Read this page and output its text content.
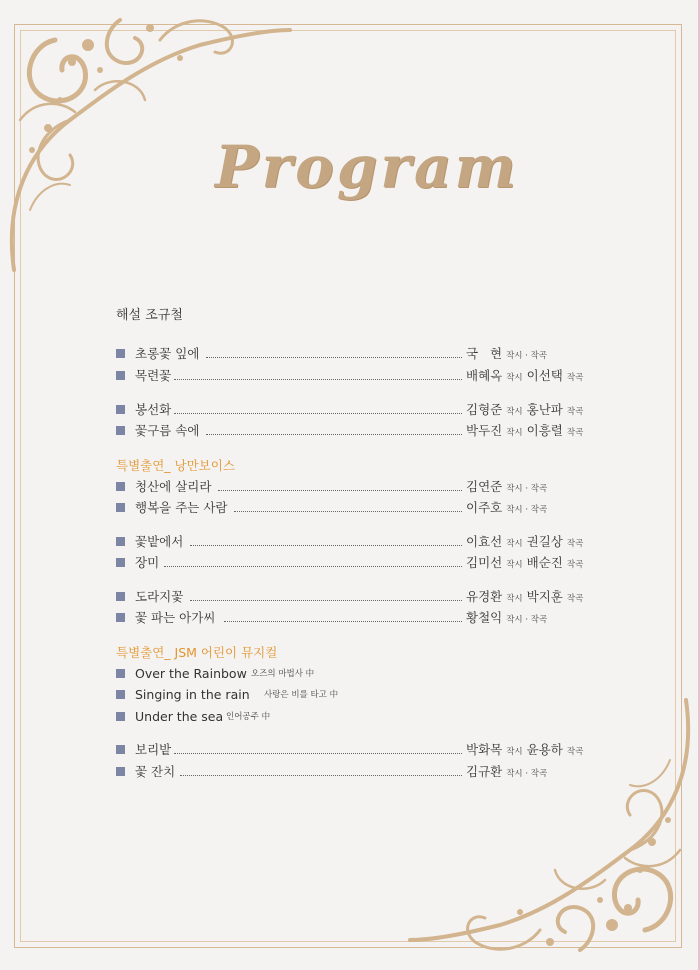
Program
해설 조규철
초롱꽃 잎에	국   현 작시 · 작곡
목련꽃	배혜옥 작시 이선택 작곡
봉선화	김형준 작시 홍난파 작곡
꽃구름 속에	박두진 작시 이흥렬 작곡
특별출연_ 낭만보이스
청산에 살리라	김연준 작시 · 작곡
행복을 주는 사람	이주호 작시 · 작곡
꽃밭에서	이효선 작시 권길상 작곡
장미	김미선 작시 배순진 작곡
도라지꽃	유경환 작시 박지훈 작곡
꽃 파는 아가씨	황철익 작시 · 작곡
특별출연_ JSM 어린이 뮤지컬
Over the Rainbow 오즈의 마법사 中
Singing in the rain 사랑은 비를 타고 中
Under the sea 인어공주 中
보리밭	박화목 작시 윤용하 작곡
꽃 잔치	김규환 작시 · 작곡
